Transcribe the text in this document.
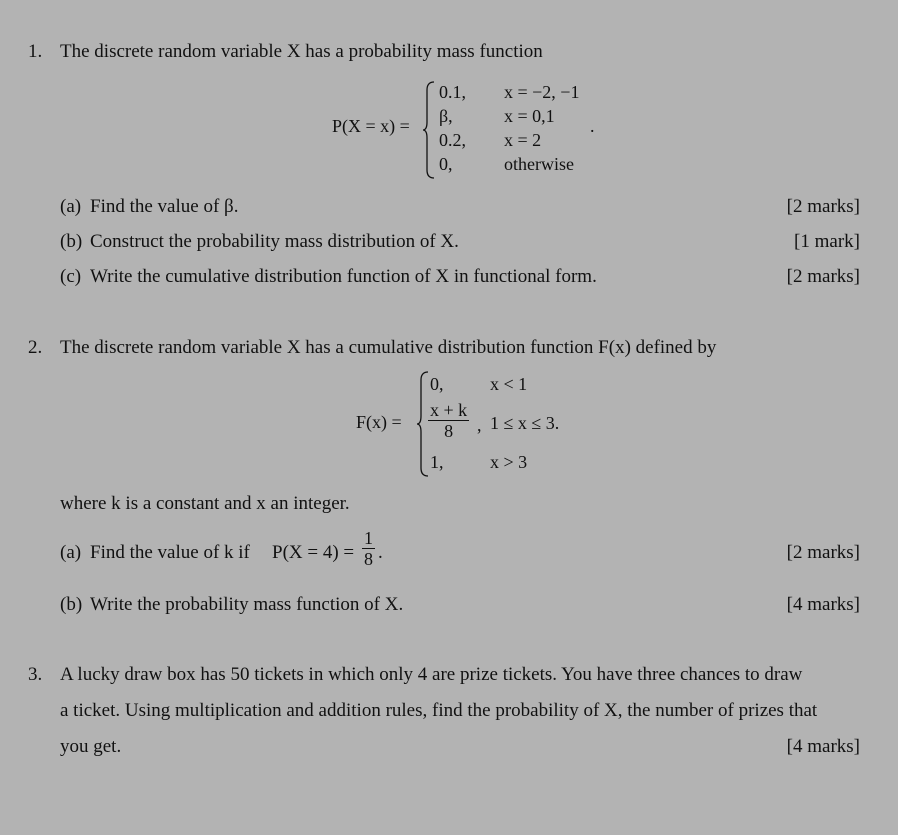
1. The discrete random variable X has a probability mass function
P(X = x) =
0.1, x = −2, −1
β,	x = 0,1
0.2, x = 2
0,	otherwise
.
(a) Find the value of β.	[2 marks]
(b) Construct the probability mass distribution of X.	[1 mark]
(c) Write the cumulative distribution function of X in functional form.	[2 marks]
2. The discrete random variable X has a cumulative distribution function F(x) defined by
F(x) =
0,	x < 1
$\frac{x + k}{8}$ , 1 ≤ x ≤ 3.
1,	x > 3
where k is a constant and x an integer.
(a) Find the value of k if $P(X = 4) = \frac{1}{8}$ .	[2 marks]
(b) Write the probability mass function of X.	[4 marks]
3. A lucky draw box has 50 tickets in which only 4 are prize tickets. You have three chances to draw
a ticket. Using multiplication and addition rules, find the probability of X, the number of prizes that
you get.	[4 marks]
